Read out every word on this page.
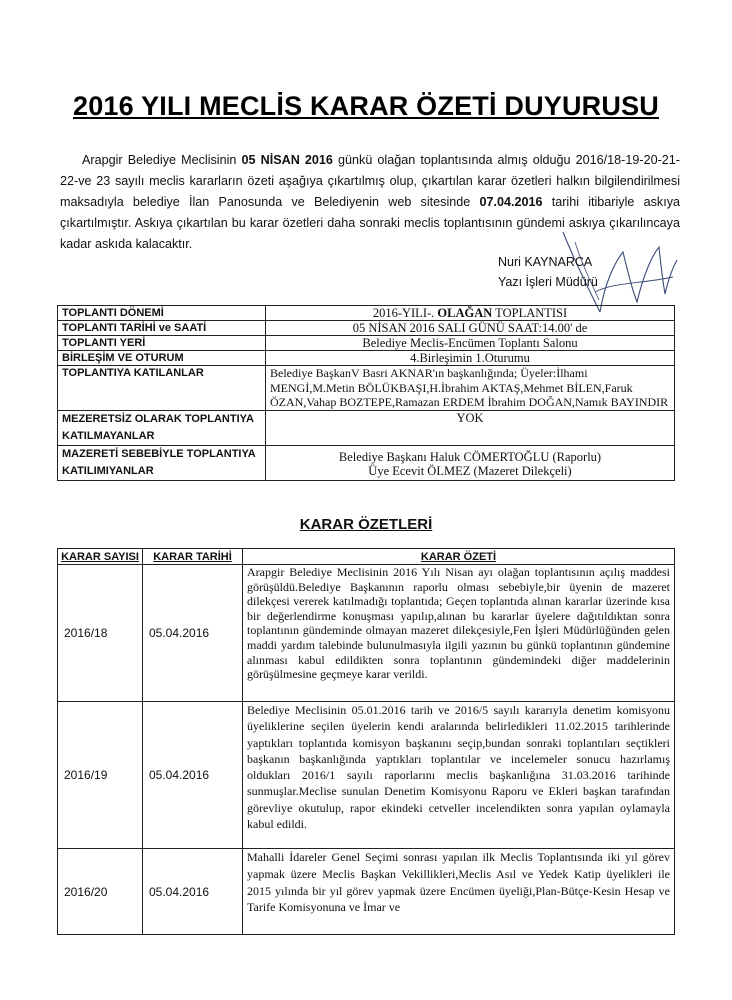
2016 YILI MECLİS KARAR ÖZETİ DUYURUSU

Arapgir Belediye Meclisinin 05 NİSAN 2016 günkü olağan toplantısında almış olduğu 2016/18-19-20-21-22-ve 23 sayılı meclis kararların özeti aşağıya çıkartılmış olup, çıkartılan karar özetleri halkın bilgilendirilmesi maksadıyla belediye İlan Panosunda ve Belediyenin web sitesinde 07.04.2016 tarihi itibariyle askıya çıkartılmıştır. Askıya çıkartılan bu karar özetleri daha sonraki meclis toplantısının gündemi askıya çıkarılıncaya kadar askıda kalacaktır.

Nuri KAYNARCA
Yazı İşleri Müdürü
TOPLANTI DÖNEMİ	2016-YILI-. OLAĞAN TOPLANTISI
TOPLANTI TARİHİ ve SAATİ	05 NİSAN 2016 SALI GÜNÜ SAAT:14.00' de
TOPLANTI YERİ	Belediye Meclis-Encümen Toplantı Salonu
BİRLEŞİM VE OTURUM	4.Birleşimin 1.Oturumu
TOPLANTIYA KATILANLAR	Belediye BaşkanV Basri AKNAR'ın başkanlığında; Üyeler:İlhami MENGİ,M.Metin BÖLÜKBAŞI,H.İbrahim AKTAŞ,Mehmet BİLEN,Faruk ÖZAN,Vahap BOZTEPE,Ramazan ERDEM İbrahim DOĞAN,Namık BAYINDIR
MEZERETSİZ OLARAK TOPLANTIYA KATILMAYANLAR	YOK
MAZERETİ SEBEBİYLE TOPLANTIYA KATILIMIYANLAR	Belediye Başkanı Haluk CÖMERTOĞLU (Raporlu)
Üye Ecevit ÖLMEZ (Mazeret Dilekçeli)
KARAR ÖZETLERİ
KARAR SAYISI	KARAR TARİHİ	KARAR ÖZETİ
2016/18	05.04.2016	Arapgir Belediye Meclisinin 2016 Yılı Nisan ayı olağan toplantısının açılış maddesi görüşüldü.Belediye Başkanının raporlu olması sebebiyle,bir üyenin de mazeret dilekçesi vererek katılmadığı toplantıda; Geçen toplantıda alınan kararlar üzerinde kısa bir değerlendirme konuşması yapılıp,alınan bu kararlar üyelere dağıtıldıktan sonra toplantının gündeminde olmayan mazeret dilekçesiyle,Fen İşleri Müdürlüğünden gelen maddi yardım talebinde bulunulmasıyla ilgili yazının bu günkü toplantının gündemine alınması kabul edildikten sonra toplantının gündemindeki diğer maddelerinin görüşülmesine geçmeye karar verildi.
2016/19	05.04.2016	Belediye Meclisinin 05.01.2016 tarih ve 2016/5 sayılı kararıyla denetim komisyonu üyeliklerine seçilen üyelerin kendi aralarında belirledikleri 11.02.2015 tarihlerinde yaptıkları toplantıda komisyon başkanını seçip,bundan sonraki toplantıları seçtikleri başkanın başkanlığında yaptıkları toplantılar ve incelemeler sonucu hazırlamış oldukları 2016/1 sayılı raporlarını meclis başkanlığına 31.03.2016 tarihinde sunmuşlar.Meclise sunulan Denetim Komisyonu Raporu ve Ekleri başkan tarafından görevliye okutulup, rapor ekindeki cetveller incelendikten sonra yapılan oylamayla kabul edildi.
2016/20	05.04.2016	Mahalli İdareler Genel Seçimi sonrası yapılan ilk Meclis Toplantısında iki yıl görev yapmak üzere Meclis Başkan Vekillikleri,Meclis Asıl ve Yedek Katip üyelikleri ile 2015 yılında bir yıl görev yapmak üzere Encümen üyeliği,Plan-Bütçe-Kesin Hesap ve Tarife Komisyonuna ve İmar ve
